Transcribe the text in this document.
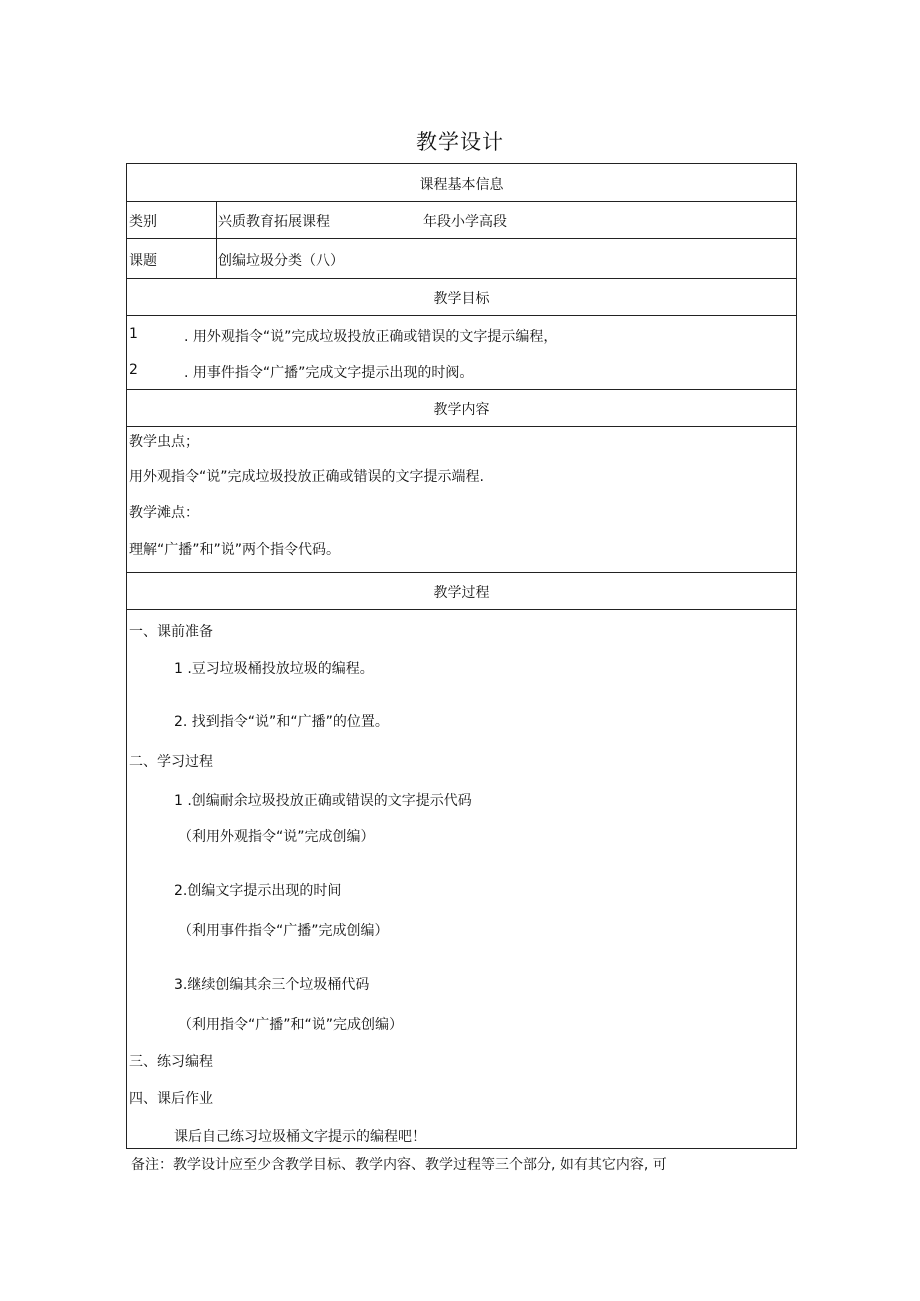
教学设计
课程基本信息
类别	兴质教育拓展课程	年段小学高段
课题	创编垃圾分类（八）
教学目标
1	. 用外观指令“说”完成垃圾投放正确或错误的文字提示编程，
2	. 用事件指令“广播”完成文字提示出现的时阀。
教学内容
教学虫点；
用外观指令“说”完成垃圾投放正确或错误的文字提示端程.
教学滩点：
理解“广播”和”说”两个指令代码。
教学过程
一、课前准备
1 .豆习垃圾桶投放垃圾的编程。
2. 找到指令“说”和“广播”的位置。
二、学习过程
1 .创编耐余垃圾投放正确或错误的文字提示代码
（利用外观指令“说”完成创编）
2.创编文字提示出现的时间
（利用事件指令“广播”完成创编）
3.继续创编其余三个垃圾桶代码
（利用指令“广播”和“说”完成创编）
三、练习编程
四、课后作业
课后自己练习垃圾桶文字提示的编程吧！
备注：教学设计应至少含教学目标、教学内容、教学过程等三个部分, 如有其它内容, 可
